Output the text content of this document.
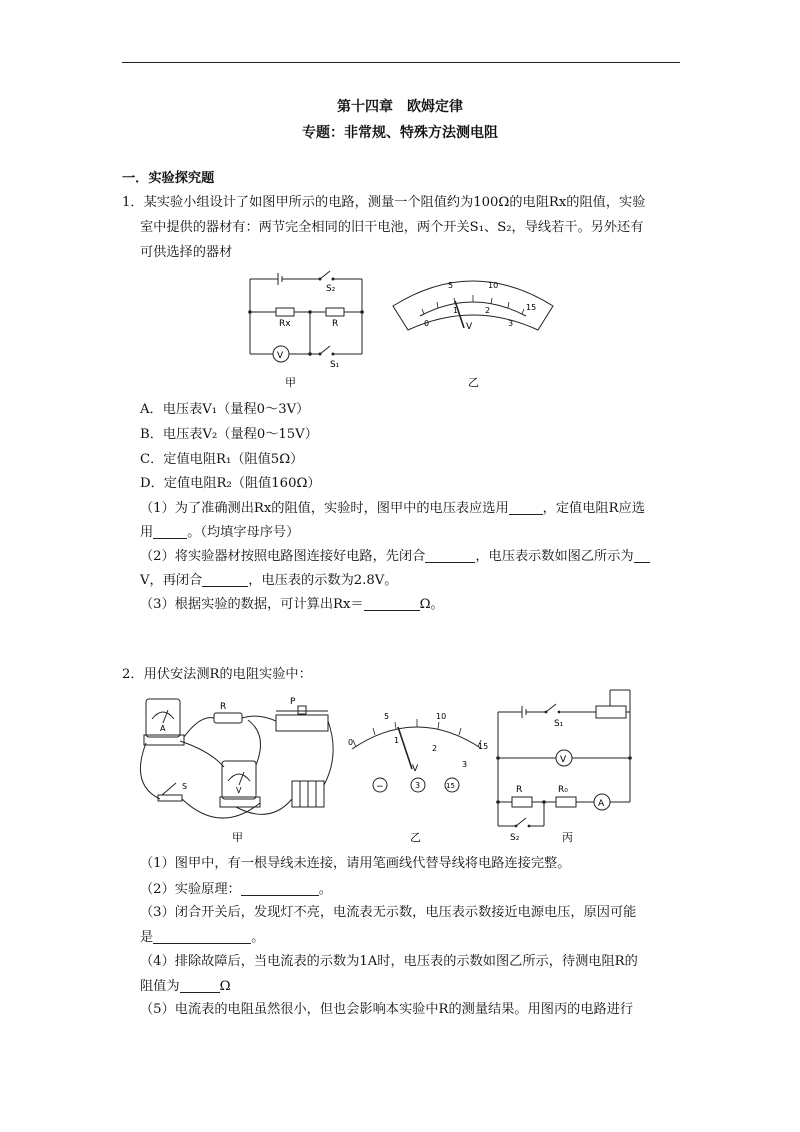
第十四章　欧姆定律
专题：非常规、特殊方法测电阻
一．实验探究题
1．某实验小组设计了如图甲所示的电路，测量一个阻值约为100Ω的电阻Rx的阻值，实验
室中提供的器材有：两节完全相同的旧干电池，两个开关S₁、S₂，导线若干。另外还有
可供选择的器材
S₂
Rx	R
V
S₁
甲
5	10
15
0
1	2
3
V
乙
A．电压表V₁（量程0～3V）
B．电压表V₂（量程0～15V）
C．定值电阻R₁（阻值5Ω）
D．定值电阻R₂（阻值160Ω）
（1）为了准确测出Rx的阻值，实验时，图甲中的电压表应选用	，定值电阻R应选
用	。（均填字母序号）
（2）将实验器材按照电路图连接好电路，先闭合	，电压表示数如图乙所示为
V，再闭合	，电压表的示数为2.8V。
（3）根据实验的数据，可计算出Rx＝	Ω。
2．用伏安法测R的电阻实验中：
R	P
A
V
S
甲
5	10
15
0	1
2
3
V
−	3	15
乙
S₁
V
R	R₀
A
S₂	丙
（1）图甲中，有一根导线未连接，请用笔画线代替导线将电路连接完整。
（2）实验原理：	。
（3）闭合开关后，发现灯不亮，电流表无示数，电压表示数接近电源电压，原因可能
是	。
（4）排除故障后，当电流表的示数为1A时，电压表的示数如图乙所示，待测电阻R的
阻值为	Ω
（5）电流表的电阻虽然很小，但也会影响本实验中R的测量结果。用图丙的电路进行
